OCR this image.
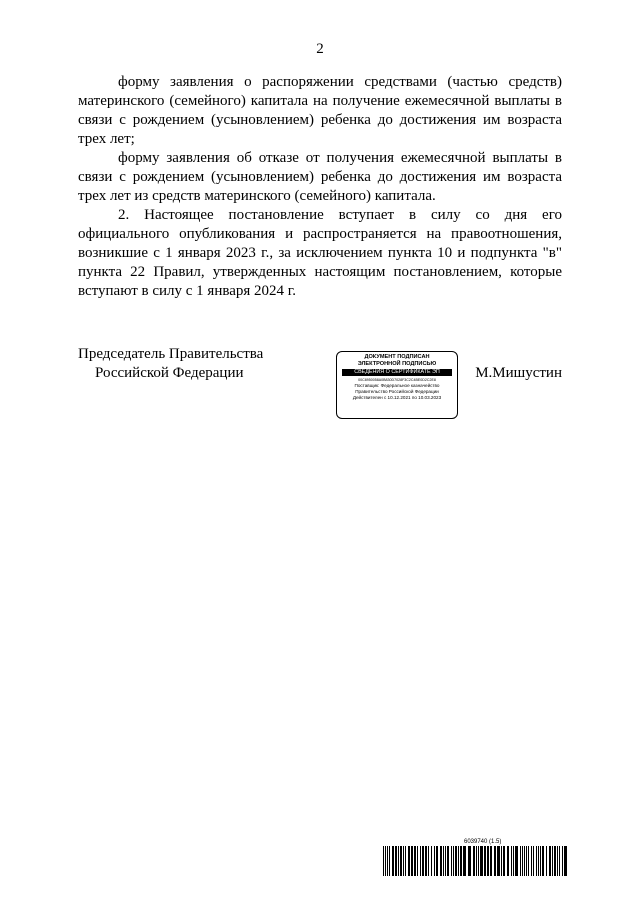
2

форму заявления о распоряжении средствами (частью средств) материнского (семейного) капитала на получение ежемесячной выплаты в связи с рождением (усыновлением) ребенка до достижения им возраста трех лет;

форму заявления об отказе от получения ежемесячной выплаты в связи с рождением (усыновлением) ребенка до достижения им возраста трех лет из средств материнского (семейного) капитала.

2. Настоящее постановление вступает в силу со дня его официального опубликования и распространяется на правоотношения, возникшие с 1 января 2023 г., за исключением пункта 10 и подпункта "в" пункта 22 Правил, утвержденных настоящим постановлением, которые вступают в силу с 1 января 2024 г.

Председатель Правительства
Российской Федерации
ДОКУМЕНТ ПОДПИСАН
ЭЛЕКТРОННОЙ ПОДПИСЬЮ
СВЕДЕНИЯ О СЕРТИФИКАТЕ ЭП
00C8950058A0B830D7028F3C2C4BE0D2C2E8
Поставщик: Федеральное казначейство
Правительство Российской Федерации
Действителен с 10.12.2021 по 10.03.2023
М.Мишустин
6039740 (1.5)
